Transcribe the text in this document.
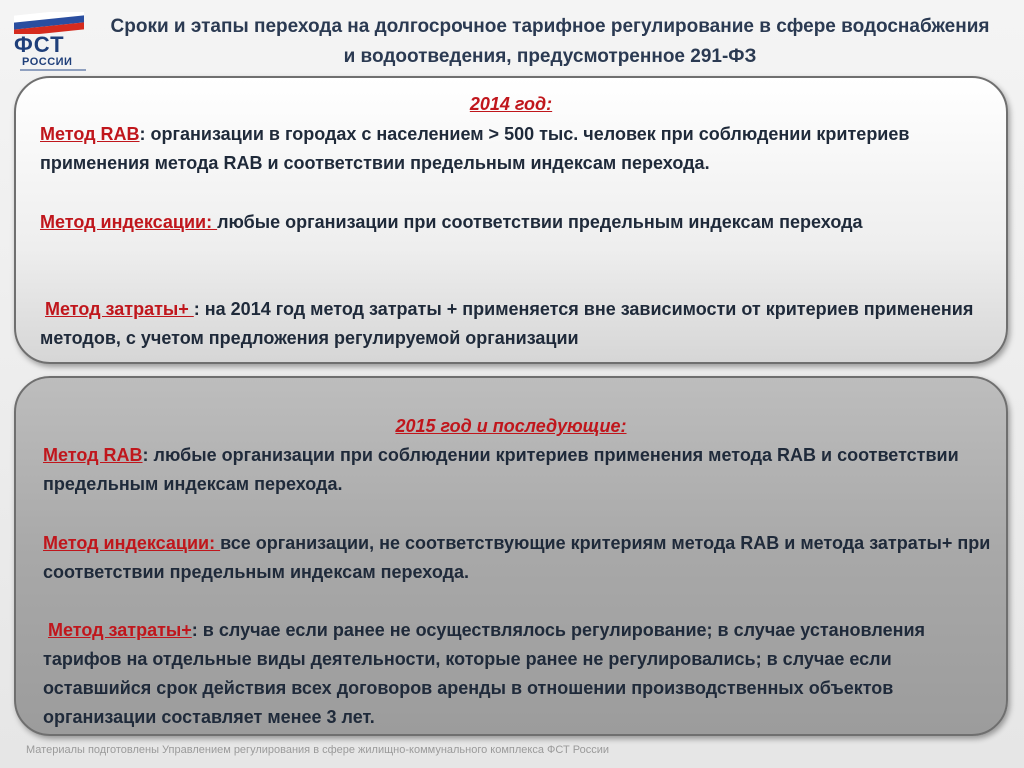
ФСТ
РОССИИ
Сроки и этапы перехода на долгосрочное тарифное регулирование в сфере водоснабжения и водоотведения, предусмотренное 291-ФЗ
2014 год:
Метод RAB: организации в городах с населением > 500 тыс. человек при соблюдении критериев применения метода RAB и соответствии предельным индексам перехода.
Метод индексации: любые организации при соответствии предельным индексам перехода
Метод затраты+ : на 2014 год метод затраты + применяется вне зависимости от критериев применения методов, с учетом предложения регулируемой организации
2015 год и последующие:
Метод RAB: любые организации при соблюдении критериев применения метода RAB и соответствии предельным индексам перехода.
Метод индексации: все организации, не соответствующие критериям метода RAB и метода затраты+ при соответствии предельным индексам перехода.
Метод затраты+: в случае если ранее не осуществлялось регулирование; в случае установления тарифов на отдельные виды деятельности, которые ранее не регулировались; в случае если оставшийся срок действия всех договоров аренды в отношении производственных объектов организации составляет менее 3 лет.
Материалы подготовлены Управлением регулирования в сфере жилищно-коммунального комплекса ФСТ России
